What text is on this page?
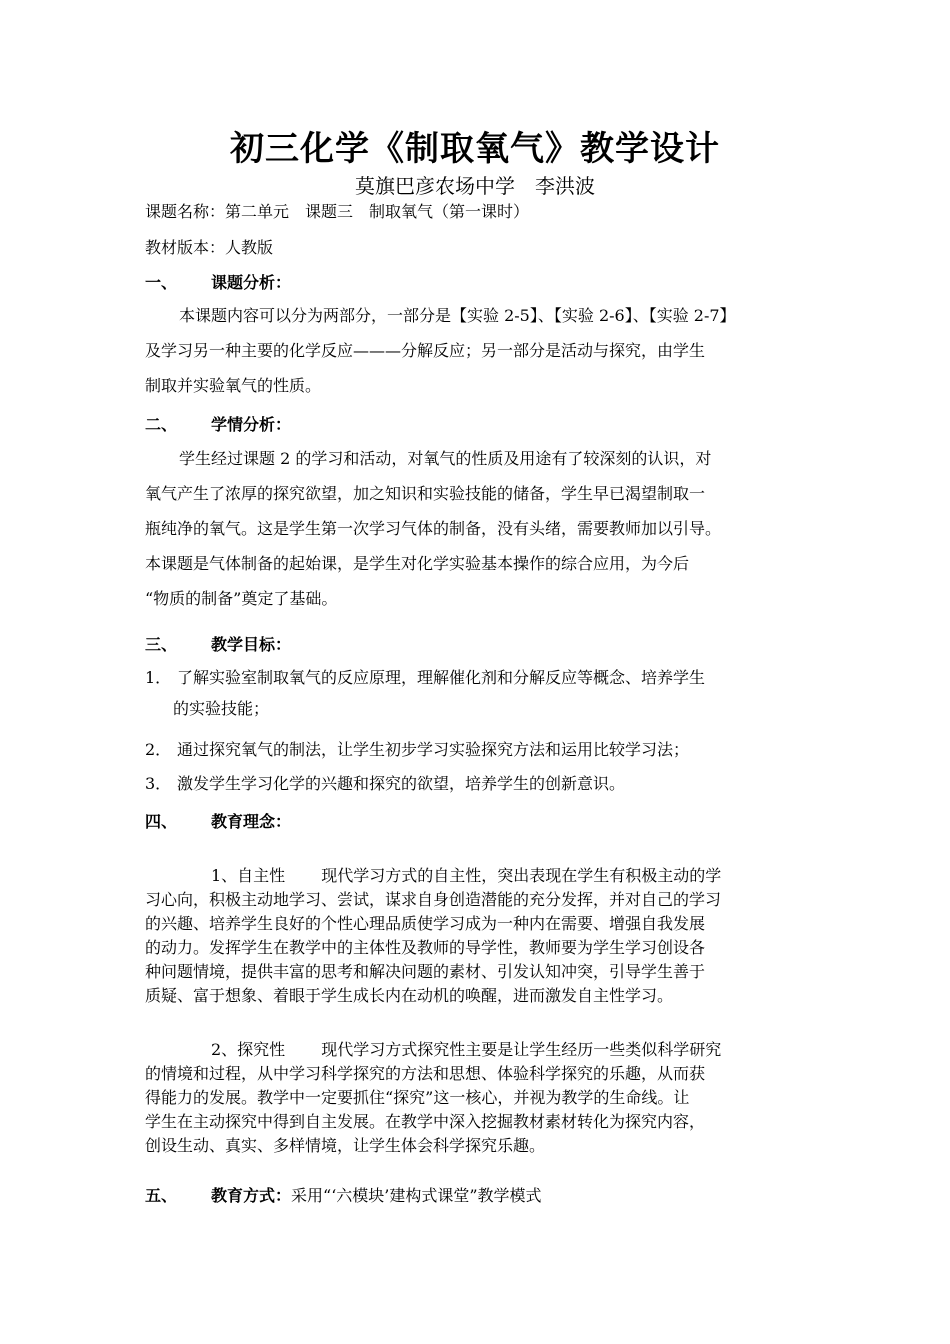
初三化学《制取氧气》教学设计
莫旗巴彦农场中学　李洪波
课题名称：第二单元　课题三　制取氧气（第一课时）
教材版本：人教版
一、 课题分析：
本课题内容可以分为两部分，一部分是【实验 2-5】、【实验 2-6】、【实验 2-7】
及学习另一种主要的化学反应———分解反应；另一部分是活动与探究，由学生
制取并实验氧气的性质。
二、 学情分析：
学生经过课题 2 的学习和活动，对氧气的性质及用途有了较深刻的认识，对
氧气产生了浓厚的探究欲望，加之知识和实验技能的储备，学生早已渴望制取一
瓶纯净的氧气。这是学生第一次学习气体的制备，没有头绪，需要教师加以引导。
本课题是气体制备的起始课，是学生对化学实验基本操作的综合应用，为今后
“物质的制备”奠定了基础。
三、 教学目标：
1． 了解实验室制取氧气的反应原理，理解催化剂和分解反应等概念、培养学生
的实验技能；
2． 通过探究氧气的制法，让学生初步学习实验探究方法和运用比较学习法；
3． 激发学生学习化学的兴趣和探究的欲望，培养学生的创新意识。
四、 教育理念：
1、自主性 现代学习方式的自主性，突出表现在学生有积极主动的学
习心向，积极主动地学习、尝试，谋求自身创造潜能的充分发挥，并对自己的学习
的兴趣、培养学生良好的个性心理品质使学习成为一种内在需要、增强自我发展
的动力。发挥学生在教学中的主体性及教师的导学性，教师要为学生学习创设各
种问题情境，提供丰富的思考和解决问题的素材、引发认知冲突，引导学生善于
质疑、富于想象、着眼于学生成长内在动机的唤醒，进而激发自主性学习。
2、探究性 现代学习方式探究性主要是让学生经历一些类似科学研究
的情境和过程，从中学习科学探究的方法和思想、体验科学探究的乐趣，从而获
得能力的发展。教学中一定要抓住“探究”这一核心，并视为教学的生命线。让
学生在主动探究中得到自主发展。在教学中深入挖掘教材素材转化为探究内容，
创设生动、真实、多样情境，让学生体会科学探究乐趣。
五、 教育方式：采用“‘六模块’建构式课堂”教学模式
